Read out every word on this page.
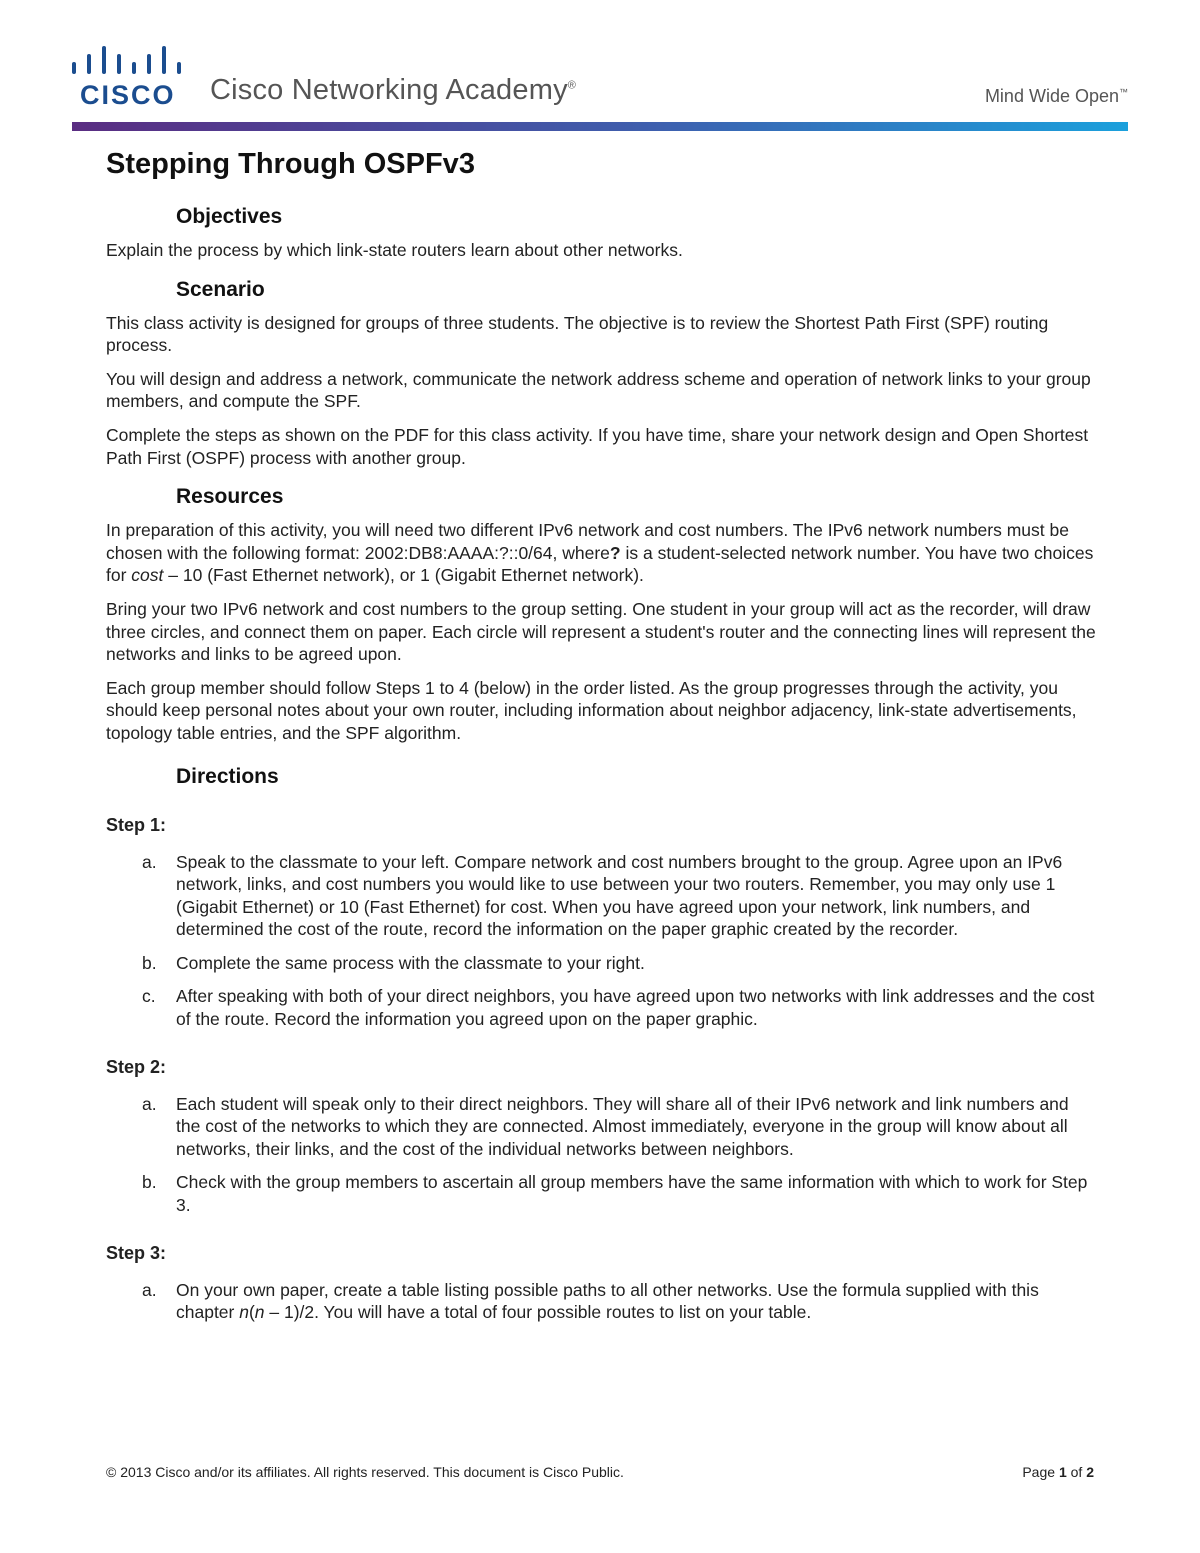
CISCO Cisco Networking Academy®
Mind Wide Open™
Stepping Through OSPFv3
Objectives

Explain the process by which link-state routers learn about other networks.

Scenario

This class activity is designed for groups of three students. The objective is to review the Shortest Path First (SPF) routing process.

You will design and address a network, communicate the network address scheme and operation of network links to your group members, and compute the SPF.

Complete the steps as shown on the PDF for this class activity. If you have time, share your network design and Open Shortest Path First (OSPF) process with another group.

Resources

In preparation of this activity, you will need two different IPv6 network and cost numbers. The IPv6 network numbers must be chosen with the following format: 2002:DB8:AAAA:?::0/64, where? is a student-selected network number. You have two choices for cost – 10 (Fast Ethernet network), or 1 (Gigabit Ethernet network).

Bring your two IPv6 network and cost numbers to the group setting. One student in your group will act as the recorder, will draw three circles, and connect them on paper. Each circle will represent a student's router and the connecting lines will represent the networks and links to be agreed upon.

Each group member should follow Steps 1 to 4 (below) in the order listed. As the group progresses through the activity, you should keep personal notes about your own router, including information about neighbor adjacency, link-state advertisements, topology table entries, and the SPF algorithm.

Directions
Step 1:
a. Speak to the classmate to your left. Compare network and cost numbers brought to the group. Agree upon an IPv6 network, links, and cost numbers you would like to use between your two routers. Remember, you may only use 1 (Gigabit Ethernet) or 10 (Fast Ethernet) for cost. When you have agreed upon your network, link numbers, and determined the cost of the route, record the information on the paper graphic created by the recorder.
b. Complete the same process with the classmate to your right.
c. After speaking with both of your direct neighbors, you have agreed upon two networks with link addresses and the cost of the route. Record the information you agreed upon on the paper graphic.
Step 2:
a. Each student will speak only to their direct neighbors. They will share all of their IPv6 network and link numbers and the cost of the networks to which they are connected. Almost immediately, everyone in the group will know about all networks, their links, and the cost of the individual networks between neighbors.
b. Check with the group members to ascertain all group members have the same information with which to work for Step 3.
Step 3:
a. On your own paper, create a table listing possible paths to all other networks. Use the formula supplied with this chapter n(n – 1)/2. You will have a total of four possible routes to list on your table.
© 2013 Cisco and/or its affiliates. All rights reserved. This document is Cisco Public.	Page 1 of 2
